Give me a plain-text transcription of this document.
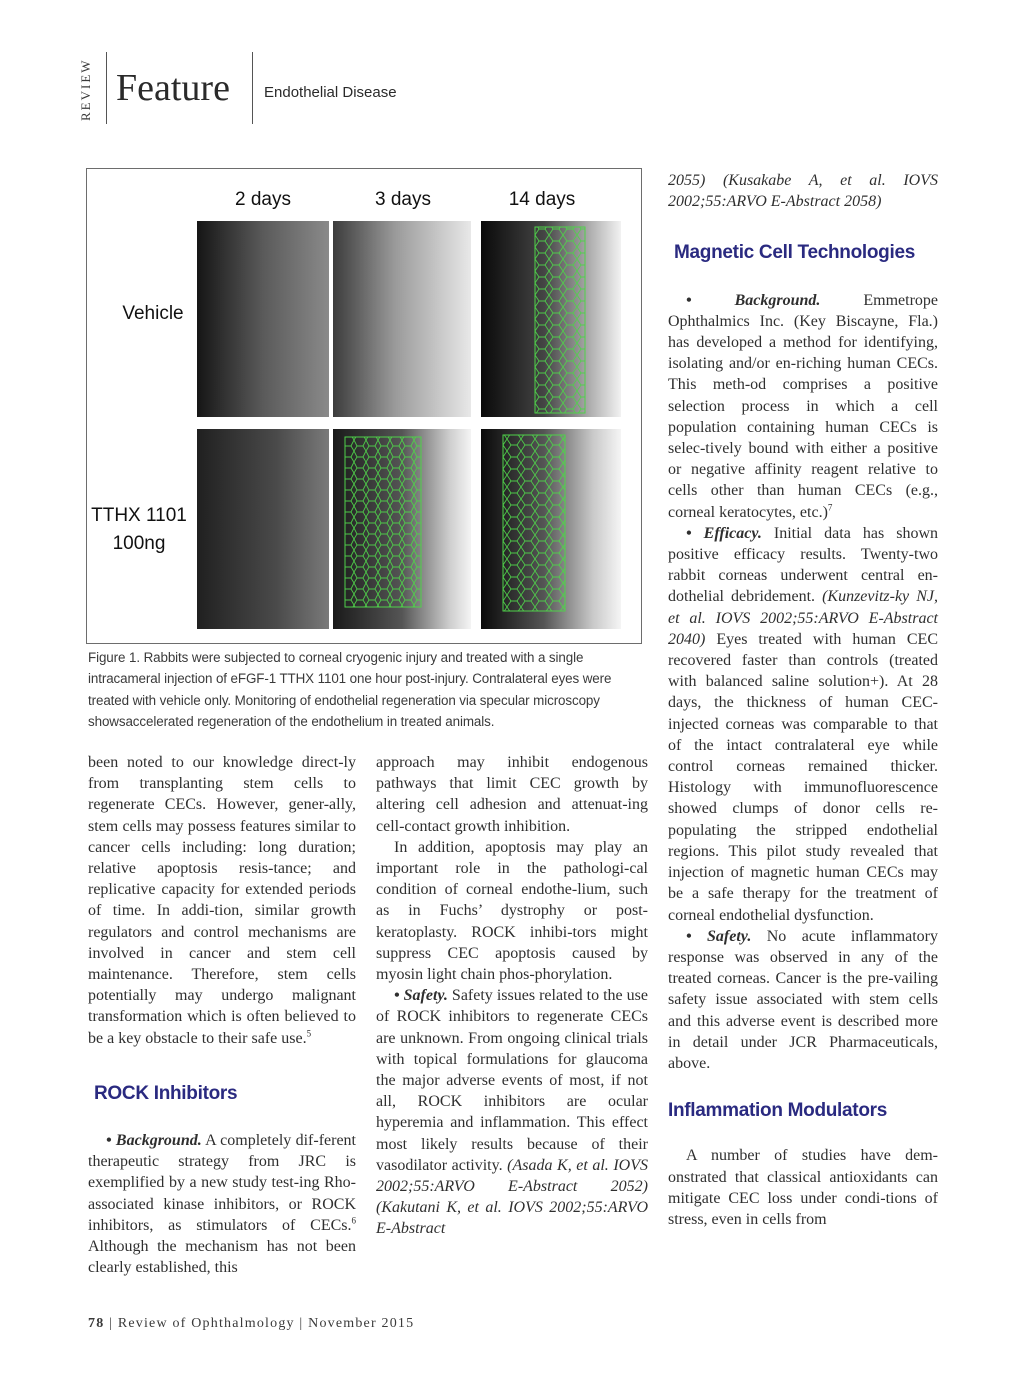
REVIEW Feature Endothelial Disease
2 days	3 days	14 days
Vehicle
TTHX 1101
100ng
Figure 1. Rabbits were subjected to corneal cryogenic injury and treated with a single intracameral injection of eFGF-1 TTHX 1101 one hour post-injury. Contralateral eyes were treated with vehicle only. Monitoring of endothelial regeneration via specular microscopy showsaccelerated regeneration of the endothelium in treated animals.

been noted to our knowledge direct-ly from transplanting stem cells to regenerate CECs. However, gener-ally, stem cells may possess features similar to cancer cells including: long duration; relative apoptosis resis-tance; and replicative capacity for extended periods of time. In addi-tion, similar growth regulators and control mechanisms are involved in cancer and stem cell maintenance. Therefore, stem cells potentially may undergo malignant transformation which is often believed to be a key obstacle to their safe use.$^5$

ROCK Inhibitors

• Background. A completely dif-ferent therapeutic strategy from JRC is exemplified by a new study test-ing Rho-associated kinase inhibitors, or ROCK inhibitors, as stimulators of CECs.$^6$ Although the mechanism has not been clearly established, this

approach may inhibit endogenous pathways that limit CEC growth by altering cell adhesion and attenuat-ing cell-contact growth inhibition.

In addition, apoptosis may play an important role in the pathologi-cal condition of corneal endothe-lium, such as in Fuchs’ dystrophy or post-keratoplasty. ROCK inhibi-tors might suppress CEC apoptosis caused by myosin light chain phos-phorylation.

• Safety. Safety issues related to the use of ROCK inhibitors to regenerate CECs are unknown. From ongoing clinical trials with topical formulations for glaucoma the major adverse events of most, if not all, ROCK inhibitors are ocular hyperemia and inflammation. This effect most likely results because of their vasodilator activity. (Asada K, et al. IOVS 2002;55:ARVO E-Abstract 2052) (Kakutani K, et al. IOVS 2002;55:ARVO E-Abstract

2055) (Kusakabe A, et al. IOVS 2002;55:ARVO E-Abstract 2058)

Magnetic Cell Technologies

• Background. Emmetrope Ophthalmics Inc. (Key Biscayne, Fla.) has developed a method for identifying, isolating and/or en-riching human CECs. This meth-od comprises a positive selection process in which a cell population containing human CECs is selec-tively bound with either a positive or negative affinity reagent relative to cells other than human CECs (e.g., corneal keratocytes, etc.)$^7$

• Efficacy. Initial data has shown positive efficacy results. Twenty-two rabbit corneas underwent central en-dothelial debridement. (Kunzevitz-ky NJ, et al. IOVS 2002;55:ARVO E-Abstract 2040) Eyes treated with human CEC recovered faster than controls (treated with balanced saline solution+). At 28 days, the thickness of human CEC-injected corneas was comparable to that of the intact contralateral eye while control corneas remained thicker. Histology with immunofluorescence showed clumps of donor cells re-populating the stripped endothelial regions. This pilot study revealed that injection of magnetic human CECs may be a safe therapy for the treatment of corneal endothelial dysfunction.

• Safety. No acute inflammatory response was observed in any of the treated corneas. Cancer is the pre-vailing safety issue associated with stem cells and this adverse event is described more in detail under JCR Pharmaceuticals, above.

Inflammation Modulators

A number of studies have dem-onstrated that classical antioxidants can mitigate CEC loss under condi-tions of stress, even in cells from

78 | Review of Ophthalmology | November 2015
